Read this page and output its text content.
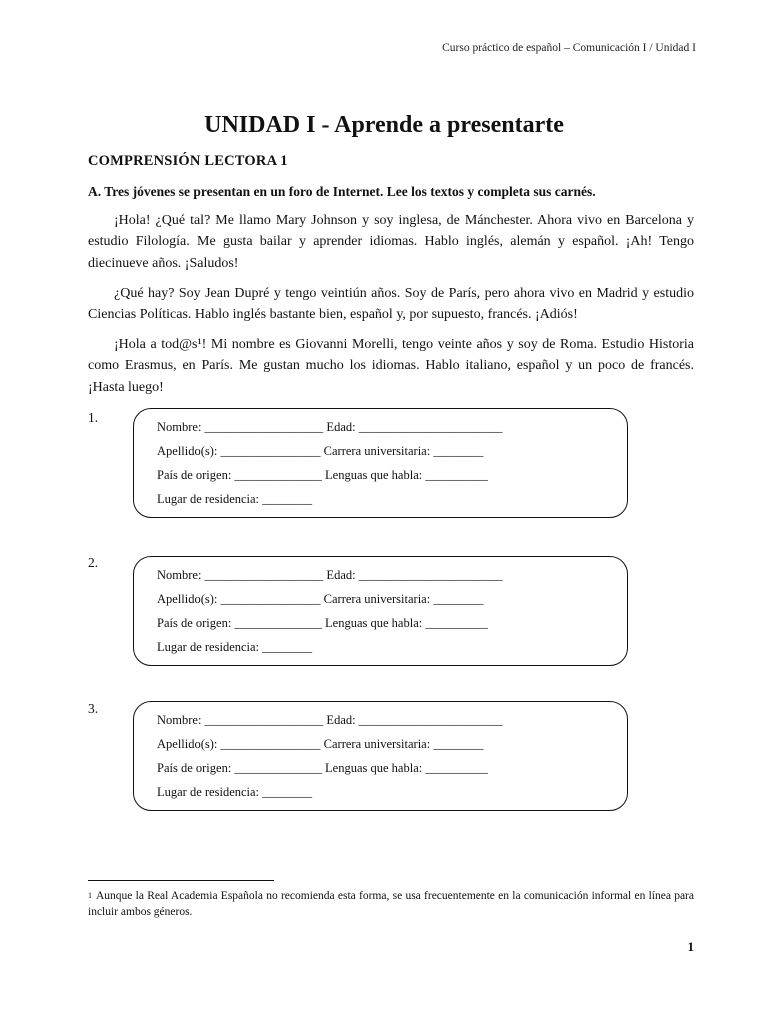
Curso práctico de español – Comunicación I / Unidad I
UNIDAD I - Aprende a presentarte
COMPRENSIÓN LECTORA 1
A. Tres jóvenes se presentan en un foro de Internet. Lee los textos y completa sus carnés.

¡Hola! ¿Qué tal? Me llamo Mary Johnson y soy inglesa, de Mánchester. Ahora vivo en Barcelona y estudio Filología. Me gusta bailar y aprender idiomas. Hablo inglés, alemán y español. ¡Ah! Tengo diecinueve años. ¡Saludos!

¿Qué hay? Soy Jean Dupré y tengo veintiún años. Soy de París, pero ahora vivo en Madrid y estudio Ciencias Políticas. Hablo inglés bastante bien, español y, por supuesto, francés. ¡Adiós!

¡Hola a tod@s¹! Mi nombre es Giovanni Morelli, tengo veinte años y soy de Roma. Estudio Historia como Erasmus, en París. Me gustan mucho los idiomas. Hablo italiano, español y un poco de francés. ¡Hasta luego!

1.
Nombre: ___________________ Edad: _______________________
Apellido(s): ________________ Carrera universitaria: ________
País de origen: ______________ Lenguas que habla: __________
Lugar de residencia: ________
2.
Nombre: ___________________ Edad: _______________________
Apellido(s): ________________ Carrera universitaria: ________
País de origen: ______________ Lenguas que habla: __________
Lugar de residencia: ________
3.
Nombre: ___________________ Edad: _______________________
Apellido(s): ________________ Carrera universitaria: ________
País de origen: ______________ Lenguas que habla: __________
Lugar de residencia: ________
$^1$ Aunque la Real Academia Española no recomienda esta forma, se usa frecuentemente en la comunicación informal en línea para incluir ambos géneros.
1
